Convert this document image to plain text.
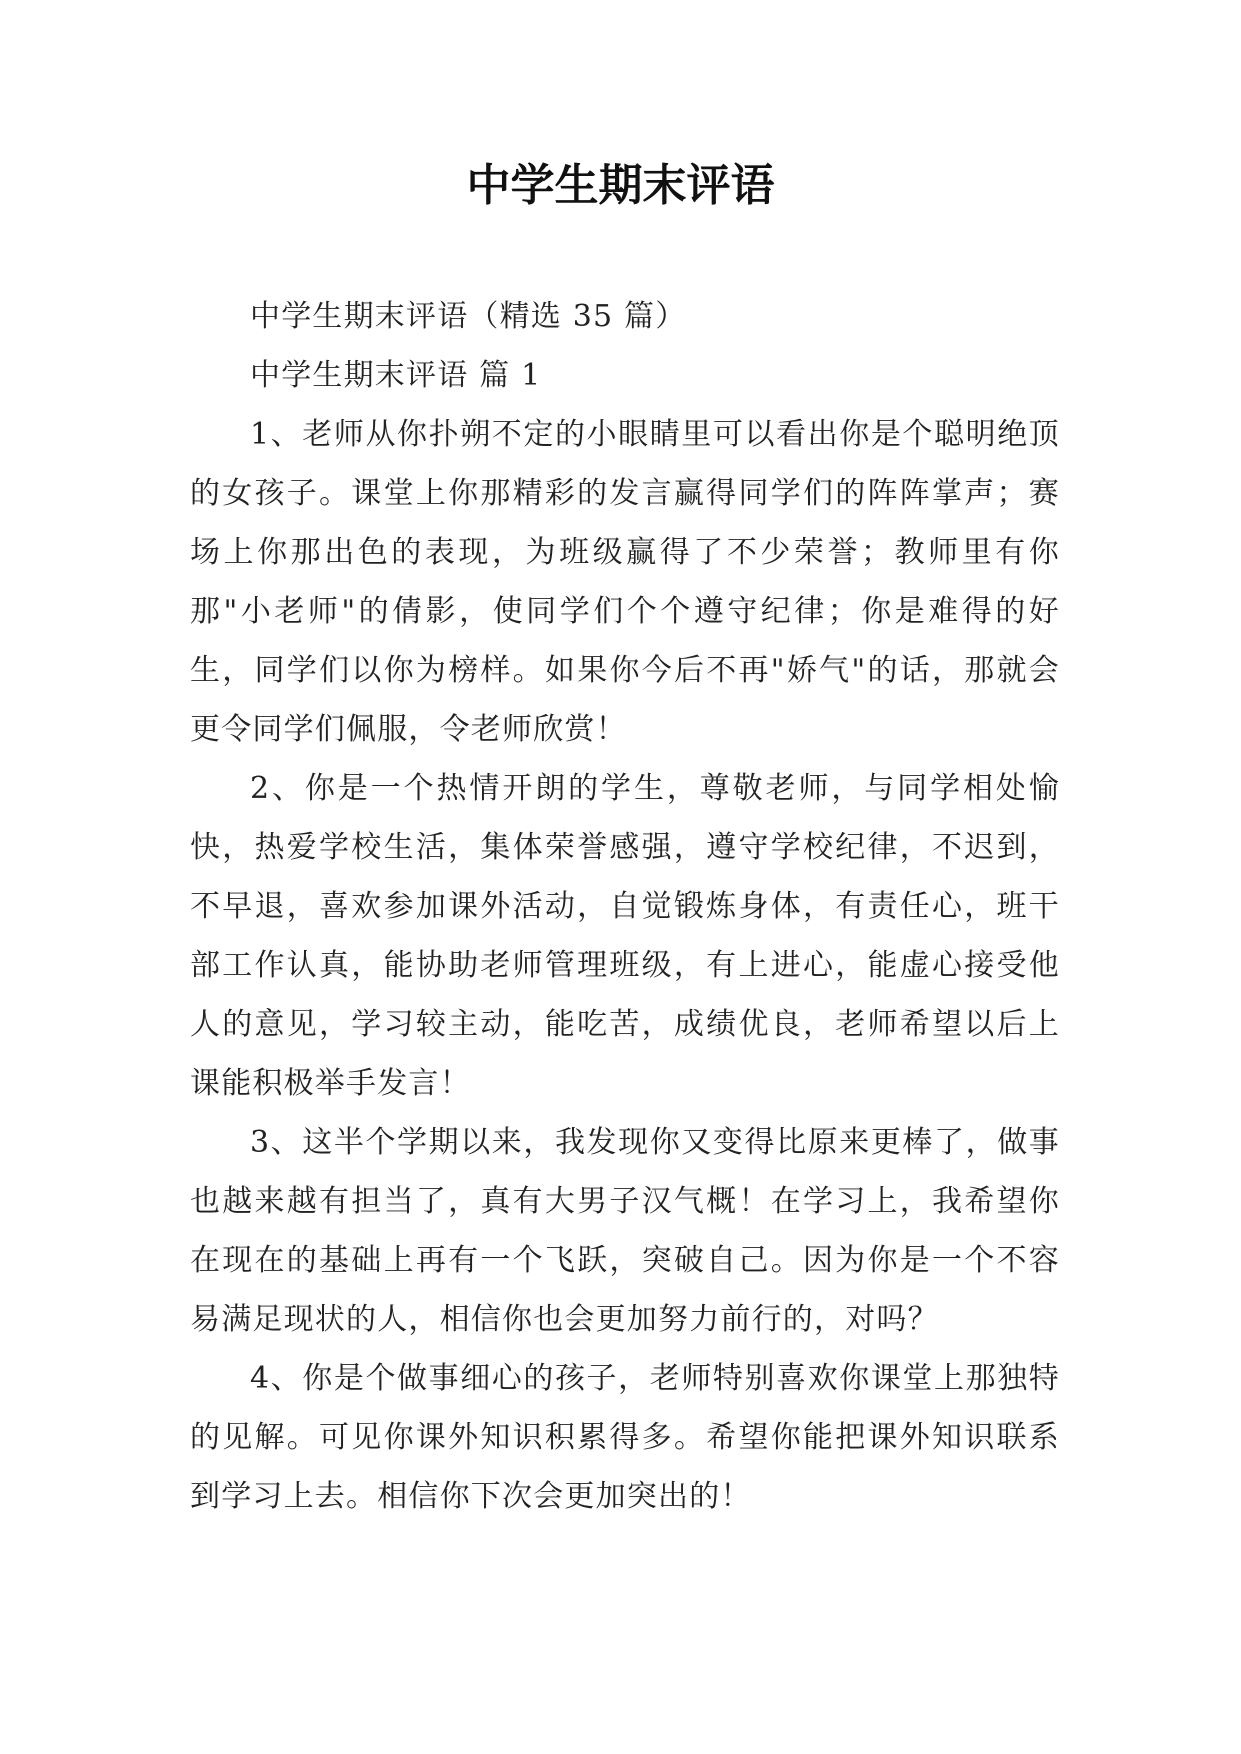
中学生期末评语

中学生期末评语（精选 35 篇）

中学生期末评语 篇 1

1、老师从你扑朔不定的小眼睛里可以看出你是个聪明绝顶的女孩子。课堂上你那精彩的发言赢得同学们的阵阵掌声；赛场上你那出色的表现，为班级赢得了不少荣誉；教师里有你那"小老师"的倩影，使同学们个个遵守纪律；你是难得的好生，同学们以你为榜样。如果你今后不再"娇气"的话，那就会更令同学们佩服，令老师欣赏！

2、你是一个热情开朗的学生，尊敬老师，与同学相处愉快，热爱学校生活，集体荣誉感强，遵守学校纪律，不迟到，不早退，喜欢参加课外活动，自觉锻炼身体，有责任心，班干部工作认真，能协助老师管理班级，有上进心，能虚心接受他人的意见，学习较主动，能吃苦，成绩优良，老师希望以后上课能积极举手发言！

3、这半个学期以来，我发现你又变得比原来更棒了，做事也越来越有担当了，真有大男子汉气概！在学习上，我希望你在现在的基础上再有一个飞跃，突破自己。因为你是一个不容易满足现状的人，相信你也会更加努力前行的，对吗？

4、你是个做事细心的孩子，老师特别喜欢你课堂上那独特的见解。可见你课外知识积累得多。希望你能把课外知识联系到学习上去。相信你下次会更加突出的！
